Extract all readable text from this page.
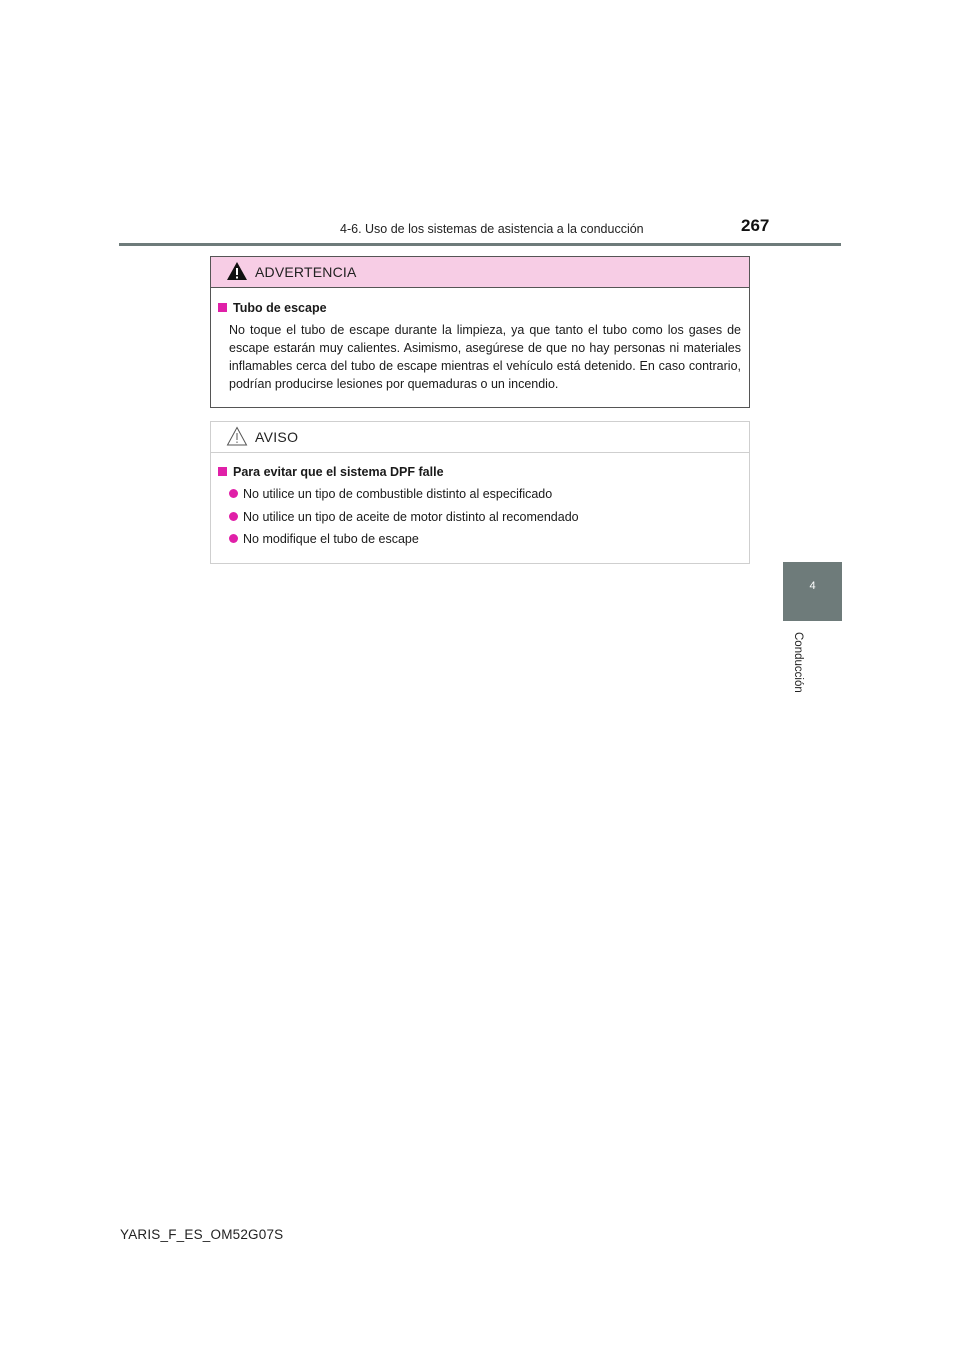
4-6. Uso de los sistemas de asistencia a la conducción	267
4
Conducción
ADVERTENCIA
Tubo de escape
No toque el tubo de escape durante la limpieza, ya que tanto el tubo como los gases de escape estarán muy calientes. Asimismo, asegúrese de que no hay personas ni materiales inflamables cerca del tubo de escape mientras el vehículo está detenido. En caso contrario, podrían producirse lesiones por quemaduras o un incendio.
AVISO
Para evitar que el sistema DPF falle
No utilice un tipo de combustible distinto al especificado
No utilice un tipo de aceite de motor distinto al recomendado
No modifique el tubo de escape
YARIS_F_ES_OM52G07S
